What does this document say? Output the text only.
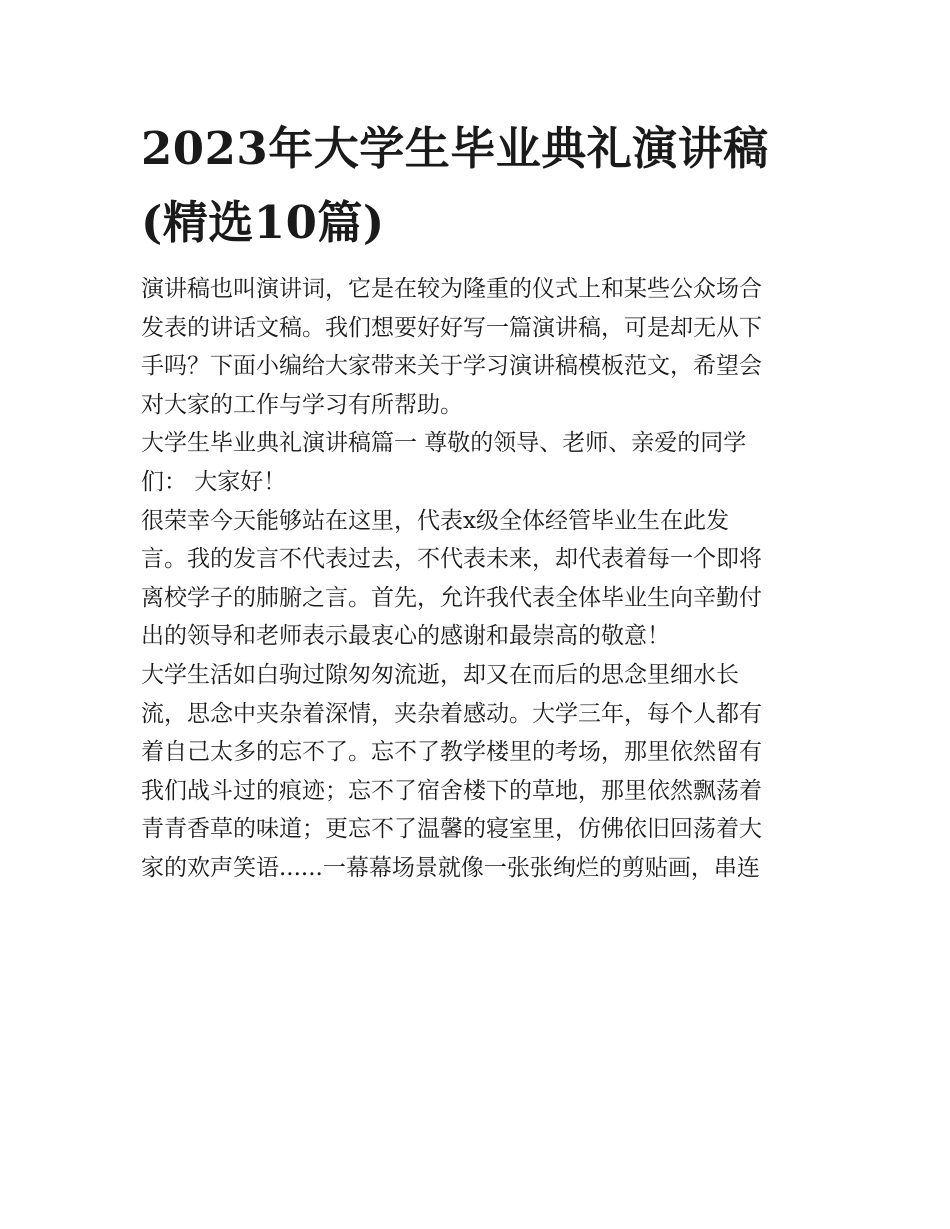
2023年大学生毕业典礼演讲稿
(精选10篇)

演讲稿也叫演讲词，它是在较为隆重的仪式上和某些公众场合
发表的讲话文稿。我们想要好好写一篇演讲稿，可是却无从下
手吗？下面小编给大家带来关于学习演讲稿模板范文，希望会
对大家的工作与学习有所帮助。

大学生毕业典礼演讲稿篇一 尊敬的领导、老师、亲爱的同学
们： 大家好！

很荣幸今天能够站在这里，代表x级全体经管毕业生在此发
言。我的发言不代表过去，不代表未来，却代表着每一个即将
离校学子的肺腑之言。首先，允许我代表全体毕业生向辛勤付
出的领导和老师表示最衷心的感谢和最崇高的敬意！

大学生活如白驹过隙匆匆流逝，却又在而后的思念里细水长
流，思念中夹杂着深情，夹杂着感动。大学三年，每个人都有
着自己太多的忘不了。忘不了教学楼里的考场，那里依然留有
我们战斗过的痕迹；忘不了宿舍楼下的草地，那里依然飘荡着
青青香草的味道；更忘不了温馨的寝室里，仿佛依旧回荡着大
家的欢声笑语......一幕幕场景就像一张张绚烂的剪贴画，串连
